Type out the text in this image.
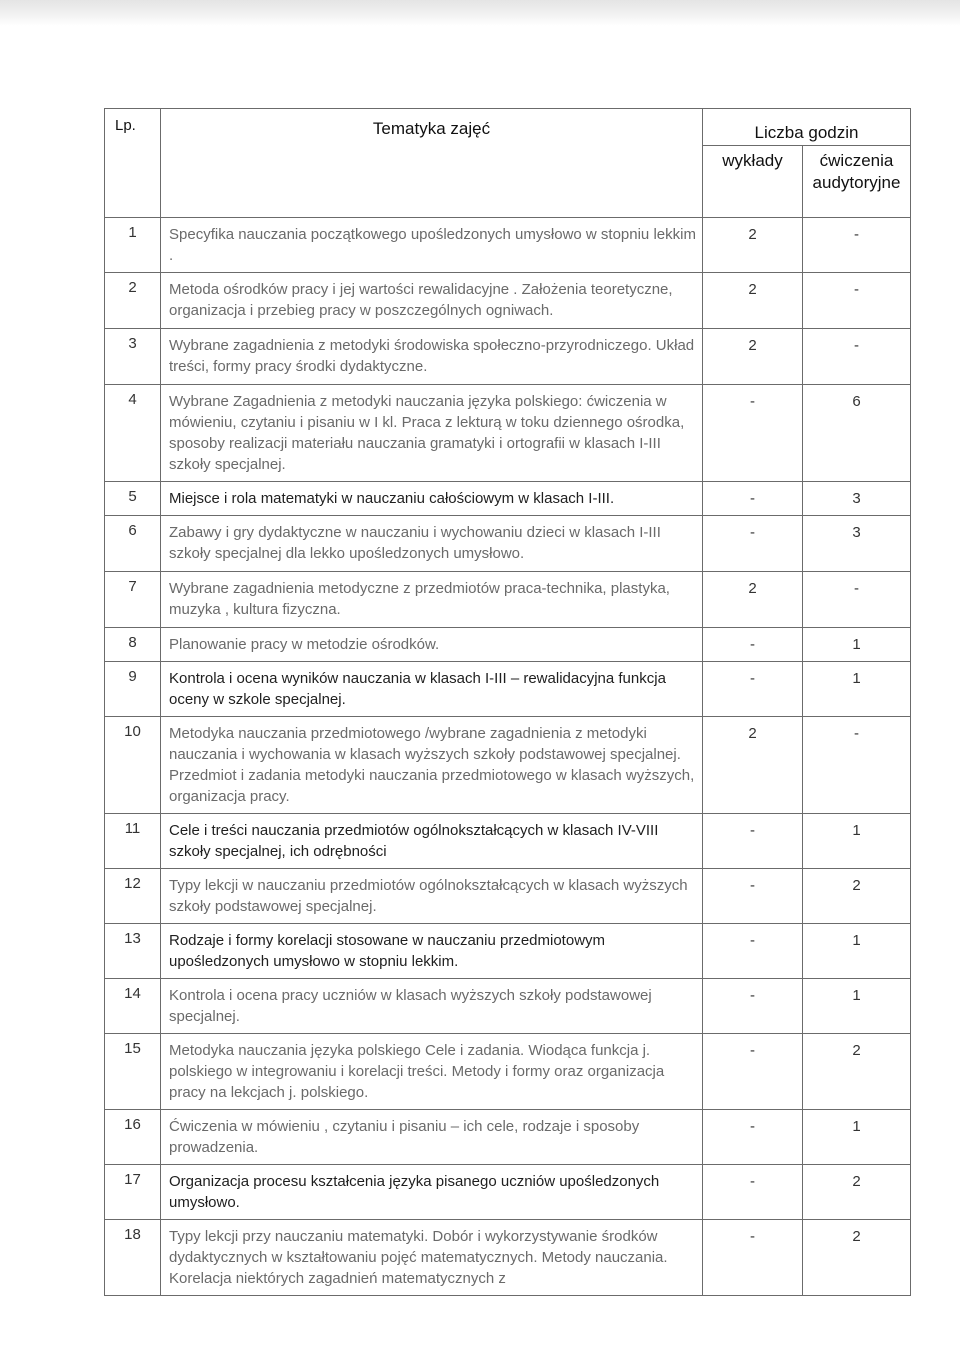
Lp.	Tematyka zajęć	Liczba godzin	
		wykłady	ćwiczenia audytoryjne
1	Specyfika nauczania początkowego upośledzonych umysłowo w stopniu lekkim .	2	-
2	Metoda ośrodków pracy i jej wartości rewalidacyjne . Założenia teoretyczne, organizacja i przebieg pracy w poszczególnych ogniwach.	2	-
3	Wybrane zagadnienia z metodyki środowiska społeczno-przyrodniczego. Układ treści, formy pracy środki dydaktyczne.	2	-
4	Wybrane Zagadnienia z metodyki nauczania języka polskiego: ćwiczenia w mówieniu, czytaniu i pisaniu w I kl. Praca z lekturą w toku dziennego ośrodka, sposoby realizacji materiału nauczania gramatyki i ortografii w klasach I-III szkoły specjalnej.	-	6
5	Miejsce i rola matematyki w nauczaniu całościowym w klasach I-III.	-	3
6	Zabawy i gry dydaktyczne w nauczaniu i wychowaniu dzieci w klasach I-III szkoły specjalnej dla lekko upośledzonych umysłowo.	-	3
7	Wybrane zagadnienia metodyczne z przedmiotów praca-technika, plastyka, muzyka , kultura fizyczna.	2	-
8	Planowanie pracy w metodzie ośrodków.	-	1
9	Kontrola i ocena wyników nauczania w klasach I-III – rewalidacyjna funkcja oceny w szkole specjalnej.	-	1
10	Metodyka nauczania przedmiotowego /wybrane zagadnienia z metodyki nauczania i wychowania w klasach wyższych szkoły podstawowej specjalnej. Przedmiot i zadania metodyki nauczania przedmiotowego w klasach wyższych, organizacja pracy.	2	-
11	Cele i treści nauczania przedmiotów ogólnokształcących w klasach IV-VIII szkoły specjalnej, ich odrębności	-	1
12	Typy lekcji w nauczaniu przedmiotów ogólnokształcących w klasach wyższych szkoły podstawowej specjalnej.	-	2
13	Rodzaje i formy korelacji stosowane w nauczaniu przedmiotowym upośledzonych umysłowo w stopniu lekkim.	-	1
14	Kontrola i ocena pracy uczniów w klasach wyższych szkoły podstawowej specjalnej.	-	1
15	Metodyka nauczania języka polskiego Cele i zadania. Wiodąca funkcja j. polskiego w integrowaniu i korelacji treści. Metody i formy oraz organizacja pracy na lekcjach j. polskiego.	-	2
16	Ćwiczenia w mówieniu , czytaniu i pisaniu – ich cele, rodzaje i sposoby prowadzenia.	-	1
17	Organizacja procesu kształcenia języka pisanego uczniów upośledzonych umysłowo.	-	2
18	Typy lekcji przy nauczaniu matematyki. Dobór i wykorzystywanie środków dydaktycznych w kształtowaniu pojęć matematycznych. Metody nauczania. Korelacja niektórych zagadnień matematycznych z	-	2
